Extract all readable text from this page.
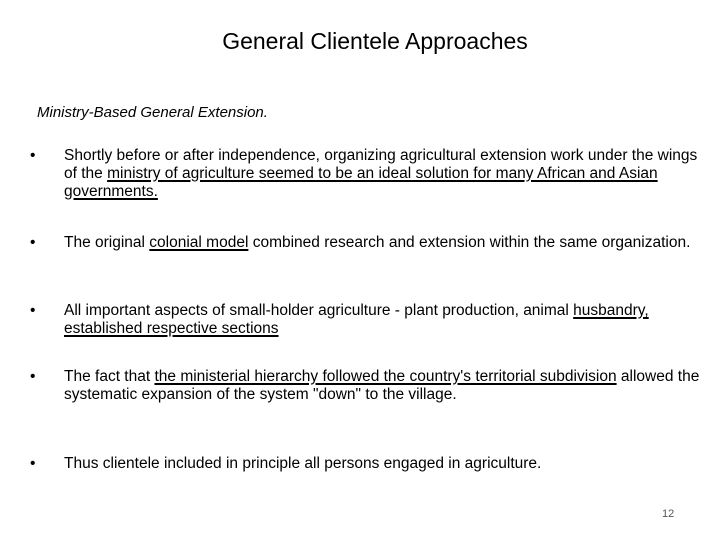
General Clientele Approaches

Ministry-Based General Extension.

• Shortly before or after independence, organizing agricultural extension work under the wings of the ministry of agriculture seemed to be an ideal solution for many African and Asian governments.
• The original colonial model combined research and extension within the same organization.
• All important aspects of small-holder agriculture - plant production, animal husbandry, established respective sections
• The fact that the ministerial hierarchy followed the country's territorial subdivision allowed the systematic expansion of the system "down" to the village.
• Thus clientele included in principle all persons engaged in agriculture.
12
